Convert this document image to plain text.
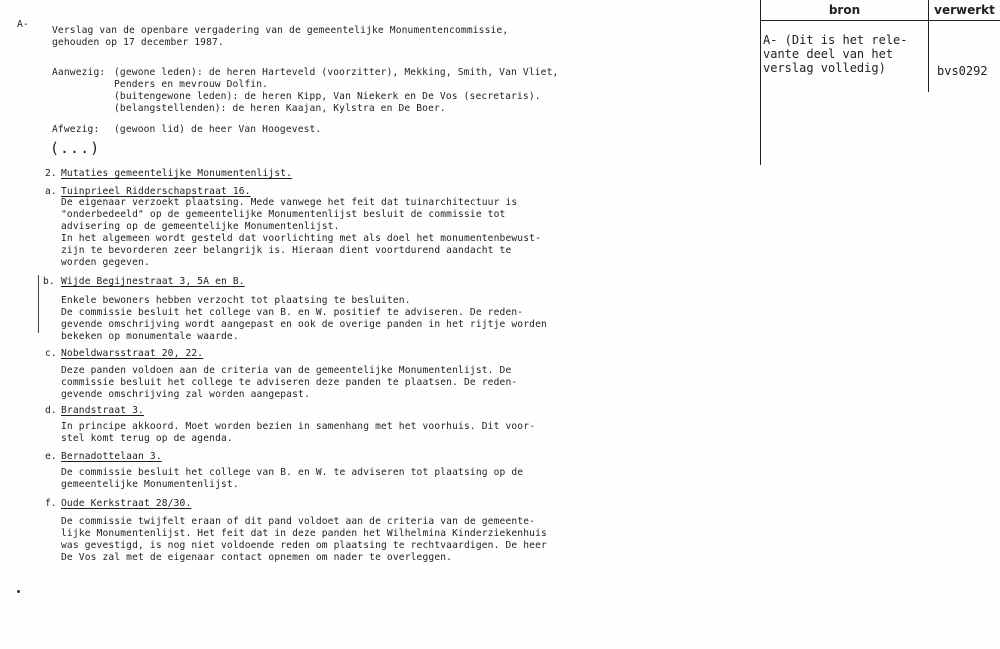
A-
Verslag van de openbare vergadering van de gemeentelijke Monumentencommissie,
gehouden op 17 december 1987.
Aanwezig: (gewone leden): de heren Harteveld (voorzitter), Mekking, Smith, Van Vliet,
Penders en mevrouw Dolfin.
(buitengewone leden): de heren Kipp, Van Niekerk en De Vos (secretaris).
(belangstellenden): de heren Kaajan, Kylstra en De Boer.
Afwezig: (gewoon lid) de heer Van Hoogevest.
(...)
2. Mutaties gemeentelijke Monumentenlijst.
a. Tuinprieel Ridderschapstraat 16.
De eigenaar verzoekt plaatsing. Mede vanwege het feit dat tuinarchitectuur is
"onderbedeeld" op de gemeentelijke Monumentenlijst besluit de commissie tot
advisering op de gemeentelijke Monumentenlijst.
In het algemeen wordt gesteld dat voorlichting met als doel het monumentenbewust-
zijn te bevorderen zeer belangrijk is. Hieraan dient voortdurend aandacht te
worden gegeven.
b. Wijde Begijnestraat 3, 5A en B.
Enkele bewoners hebben verzocht tot plaatsing te besluiten.
De commissie besluit het college van B. en W. positief te adviseren. De reden-
gevende omschrijving wordt aangepast en ook de overige panden in het rijtje worden
bekeken op monumentale waarde.
c. Nobeldwarsstraat 20, 22.
Deze panden voldoen aan de criteria van de gemeentelijke Monumentenlijst. De
commissie besluit het college te adviseren deze panden te plaatsen. De reden-
gevende omschrijving zal worden aangepast.
d. Brandstraat 3.
In principe akkoord. Moet worden bezien in samenhang met het voorhuis. Dit voor-
stel komt terug op de agenda.
e. Bernadottelaan 3.
De commissie besluit het college van B. en W. te adviseren tot plaatsing op de
gemeentelijke Monumentenlijst.
f. Oude Kerkstraat 28/30.
De commissie twijfelt eraan of dit pand voldoet aan de criteria van de gemeente-
lijke Monumentenlijst. Het feit dat in deze panden het Wilhelmina Kinderziekenhuis
was gevestigd, is nog niet voldoende reden om plaatsing te rechtvaardigen. De heer
De Vos zal met de eigenaar contact opnemen om nader te overleggen.
bron	verwerkt
A- (Dit is het rele-
vante deel van het
verslag volledig)	bvs0292
